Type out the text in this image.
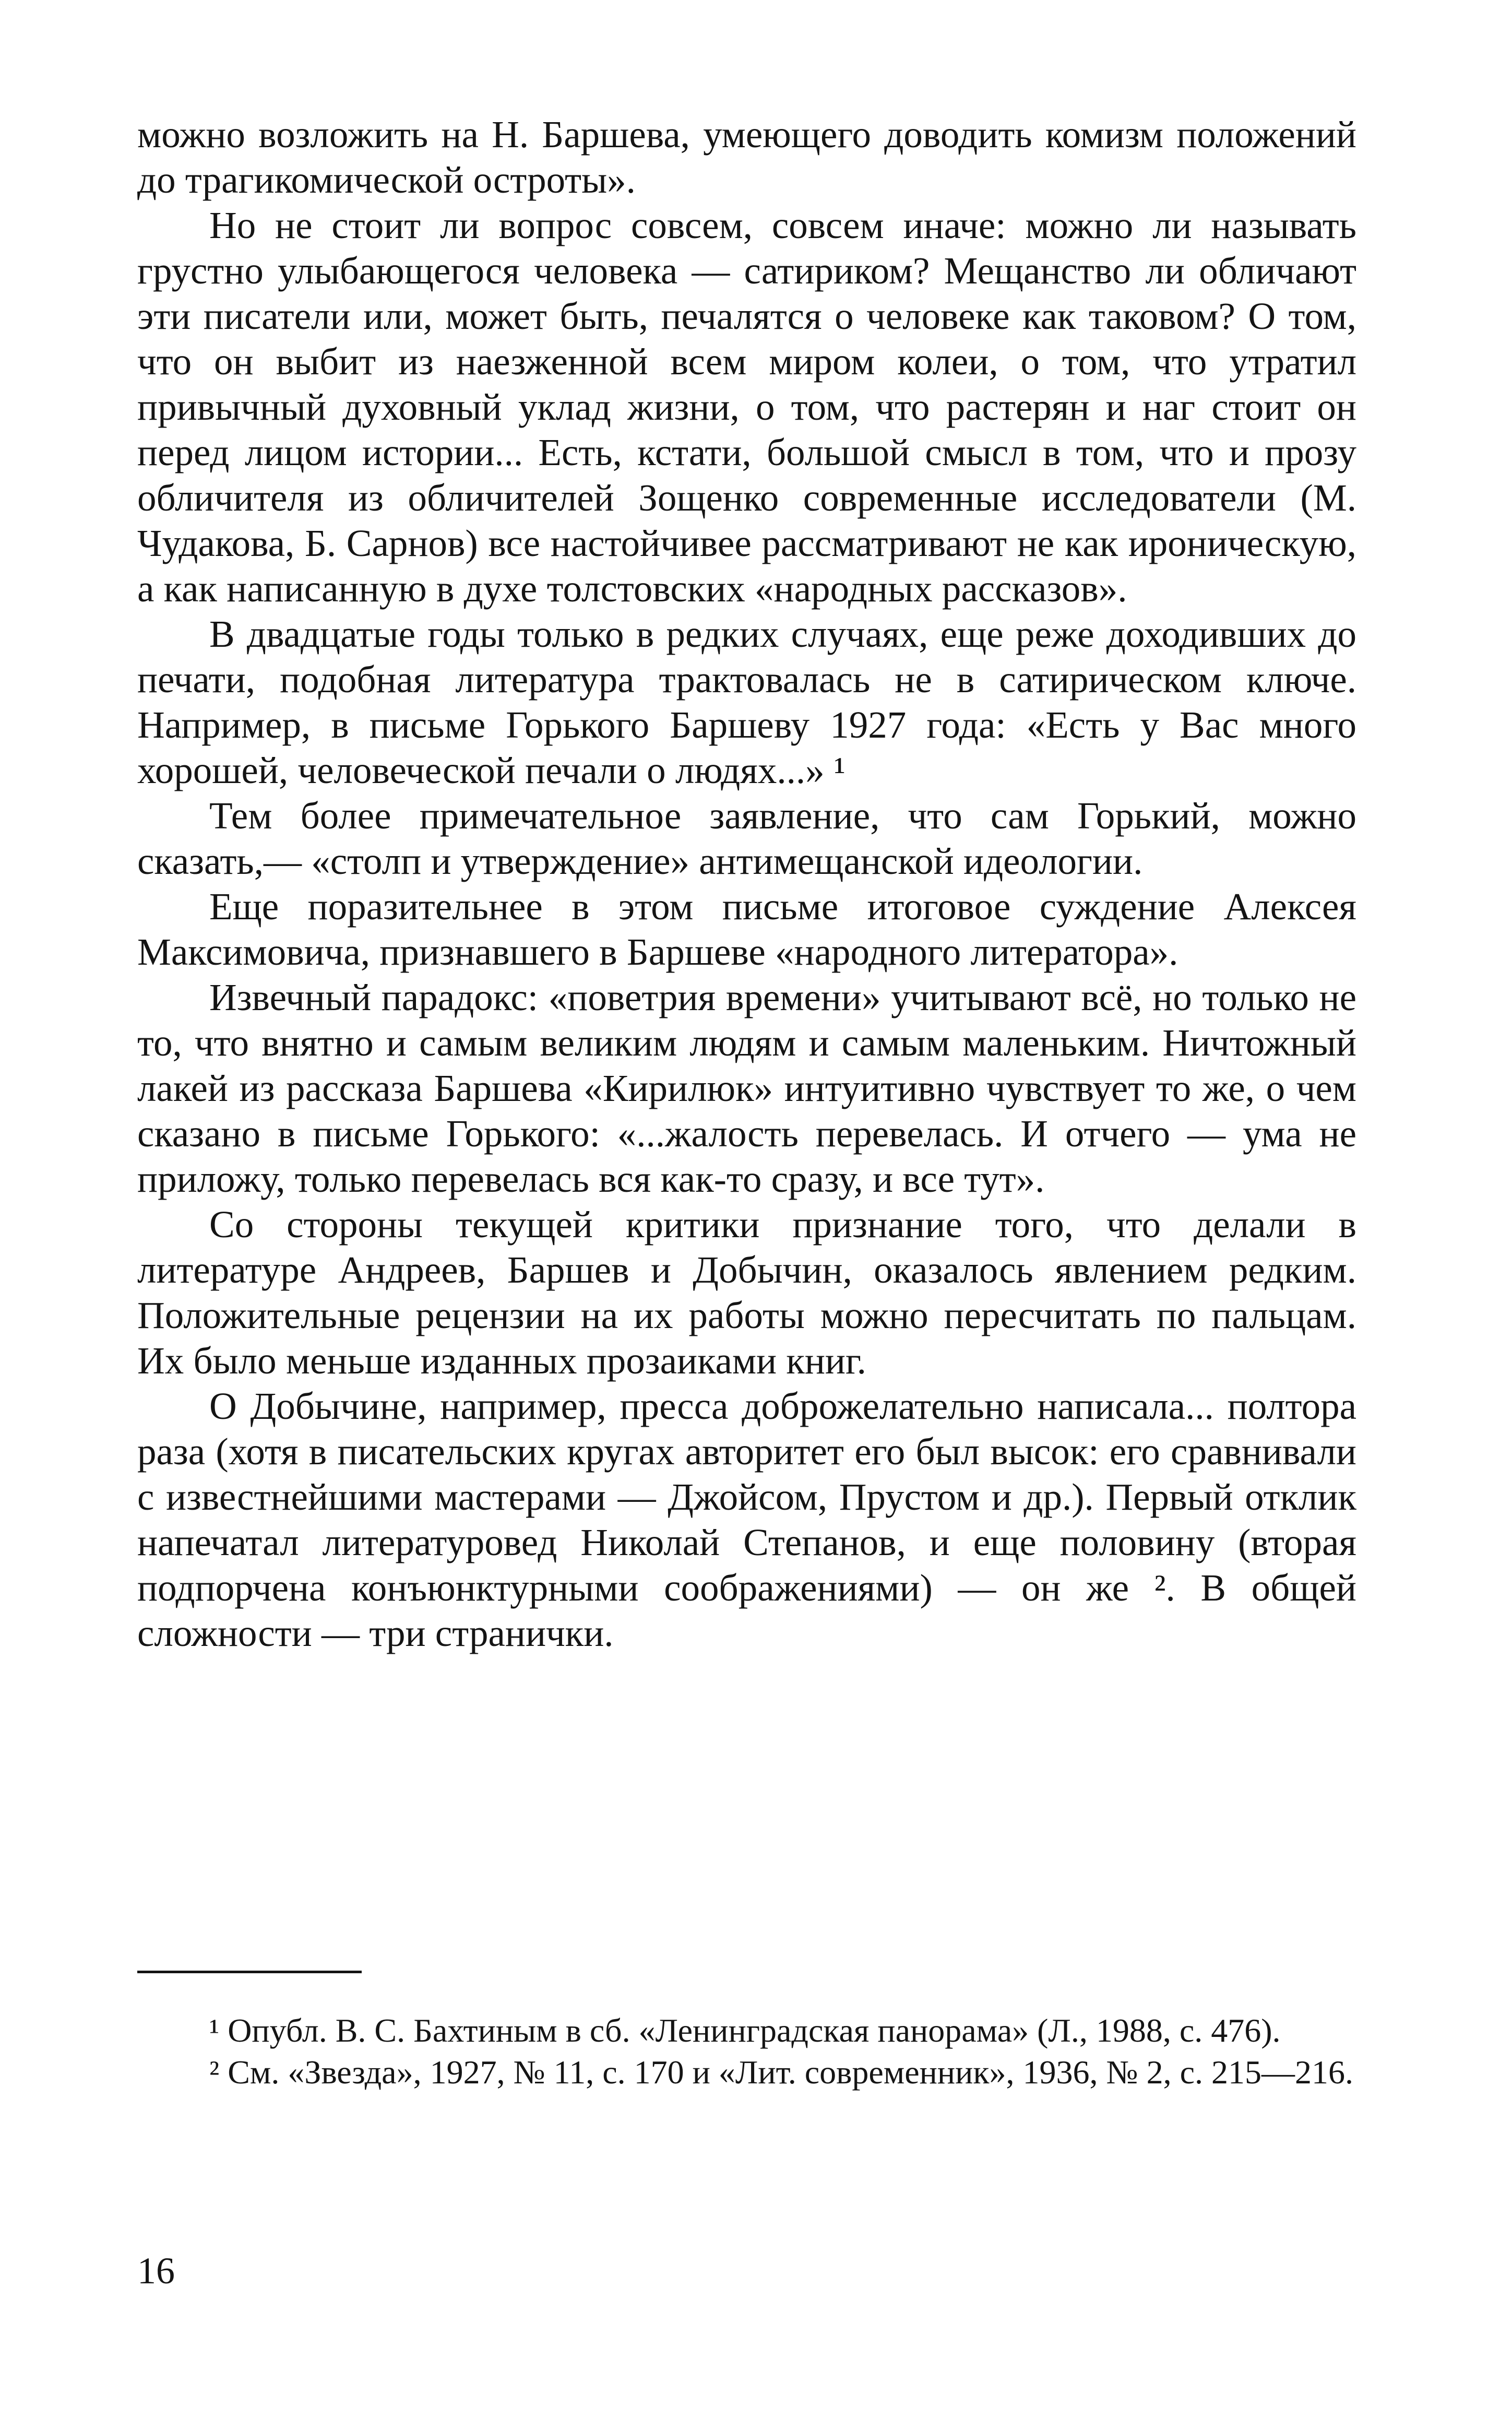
можно возложить на Н. Баршева, умеющего доводить комизм положений до трагикомической остроты».

Но не стоит ли вопрос совсем, совсем иначе: можно ли называть грустно улыбающегося человека — сатириком? Мещанство ли обличают эти писатели или, может быть, печалятся о человеке как таковом? О том, что он выбит из наезженной всем миром колеи, о том, что утратил привычный духовный уклад жизни, о том, что растерян и наг стоит он перед лицом истории... Есть, кстати, большой смысл в том, что и прозу обличителя из обличителей Зощенко современные исследователи (М. Чудакова, Б. Сарнов) все настойчивее рассматривают не как ироническую, а как написанную в духе толстовских «народных рассказов».

В двадцатые годы только в редких случаях, еще реже доходивших до печати, подобная литература трактовалась не в сатирическом ключе. Например, в письме Горького Баршеву 1927 года: «Есть у Вас много хорошей, человеческой печали о людях...» ¹

Тем более примечательное заявление, что сам Горький, можно сказать,— «столп и утверждение» антимещанской идеологии.

Еще поразительнее в этом письме итоговое суждение Алексея Максимовича, признавшего в Баршеве «народного литератора».

Извечный парадокс: «поветрия времени» учитывают всё, но только не то, что внятно и самым великим людям и самым маленьким. Ничтожный лакей из рассказа Баршева «Кирилюк» интуитивно чувствует то же, о чем сказано в письме Горького: «...жалость перевелась. И отчего — ума не приложу, только перевелась вся как-то сразу, и все тут».

Со стороны текущей критики признание того, что делали в литературе Андреев, Баршев и Добычин, оказалось явлением редким. Положительные рецензии на их работы можно пересчитать по пальцам. Их было меньше изданных прозаиками книг.

О Добычине, например, пресса доброжелательно написала... полтора раза (хотя в писательских кругах авторитет его был высок: его сравнивали с известнейшими мастерами — Джойсом, Прустом и др.). Первый отклик напечатал литературовед Николай Степанов, и еще половину (вторая подпорчена конъюнктурными соображениями) — он же ². В общей сложности — три странички.

¹ Опубл. В. С. Бахтиным в сб. «Ленинградская панорама» (Л., 1988, с. 476).

² См. «Звезда», 1927, № 11, с. 170 и «Лит. современник», 1936, № 2, с. 215—216.

16
